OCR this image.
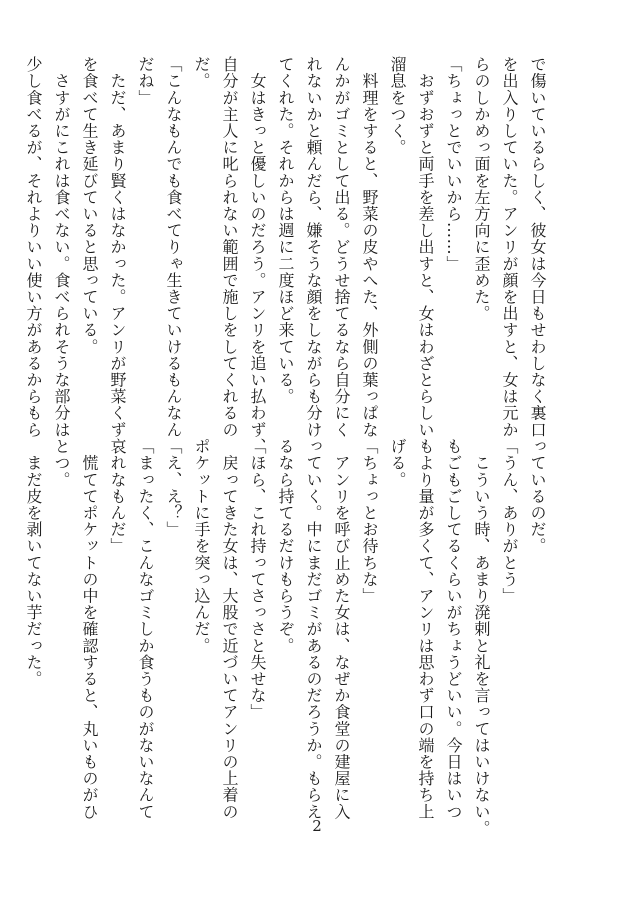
で傷いているらしく、彼女は今日もせわしなく裏口

を出入りしていた。アンリが顔を出すと、女は元か

らのしかめっ面を左方向に歪めた。

「ちょっとでいいから……」

　おずおずと両手を差し出すと、女はわざとらしい

溜息をつく。

　料理をすると、野菜の皮やへた、外側の葉っぱな

んかがゴミとして出る。どうせ捨てるなら自分にく

れないかと頼んだら、嫌そうな顔をしながらも分け

てくれた。それからは週に二度ほど来ている。

　女はきっと優しいのだろう。アンリを追い払わず、

自分が主人に叱られない範囲で施しをしてくれるの

だ。

「こんなもんでも食べてりゃ生きていけるもんなん

だね」

　ただ、あまり賢くはなかった。アンリが野菜くず

を食べて生き延びていると思っている。

　さすがにこれは食べない。食べられそうな部分は

少し食べるが、それよりいい使い方があるからもら

っているのだ。

「うん、ありがとう」

　こういう時、あまり溌剌と礼を言ってはいけない。

もごもごしてるくらいがちょうどいい。今日はいつ

もより量が多くて、アンリは思わず口の端を持ち上

げる。

「ちょっとお待ちな」

　アンリを呼び止めた女は、なぜか食堂の建屋に入

っていく。中にまだゴミがあるのだろうか。もらえ

るなら持てるだけもらうぞ。

「ほら、これ持ってさっさと失せな」

　戻ってきた女は、大股で近づいてアンリの上着の

ポケットに手を突っ込んだ。

「え、え？」

「まったく、こんなゴミしか食うものがないなんて

哀れなもんだ」

　慌ててポケットの中を確認すると、丸いものがひ

とつ。

　まだ皮を剥いてない芋だった。

2
